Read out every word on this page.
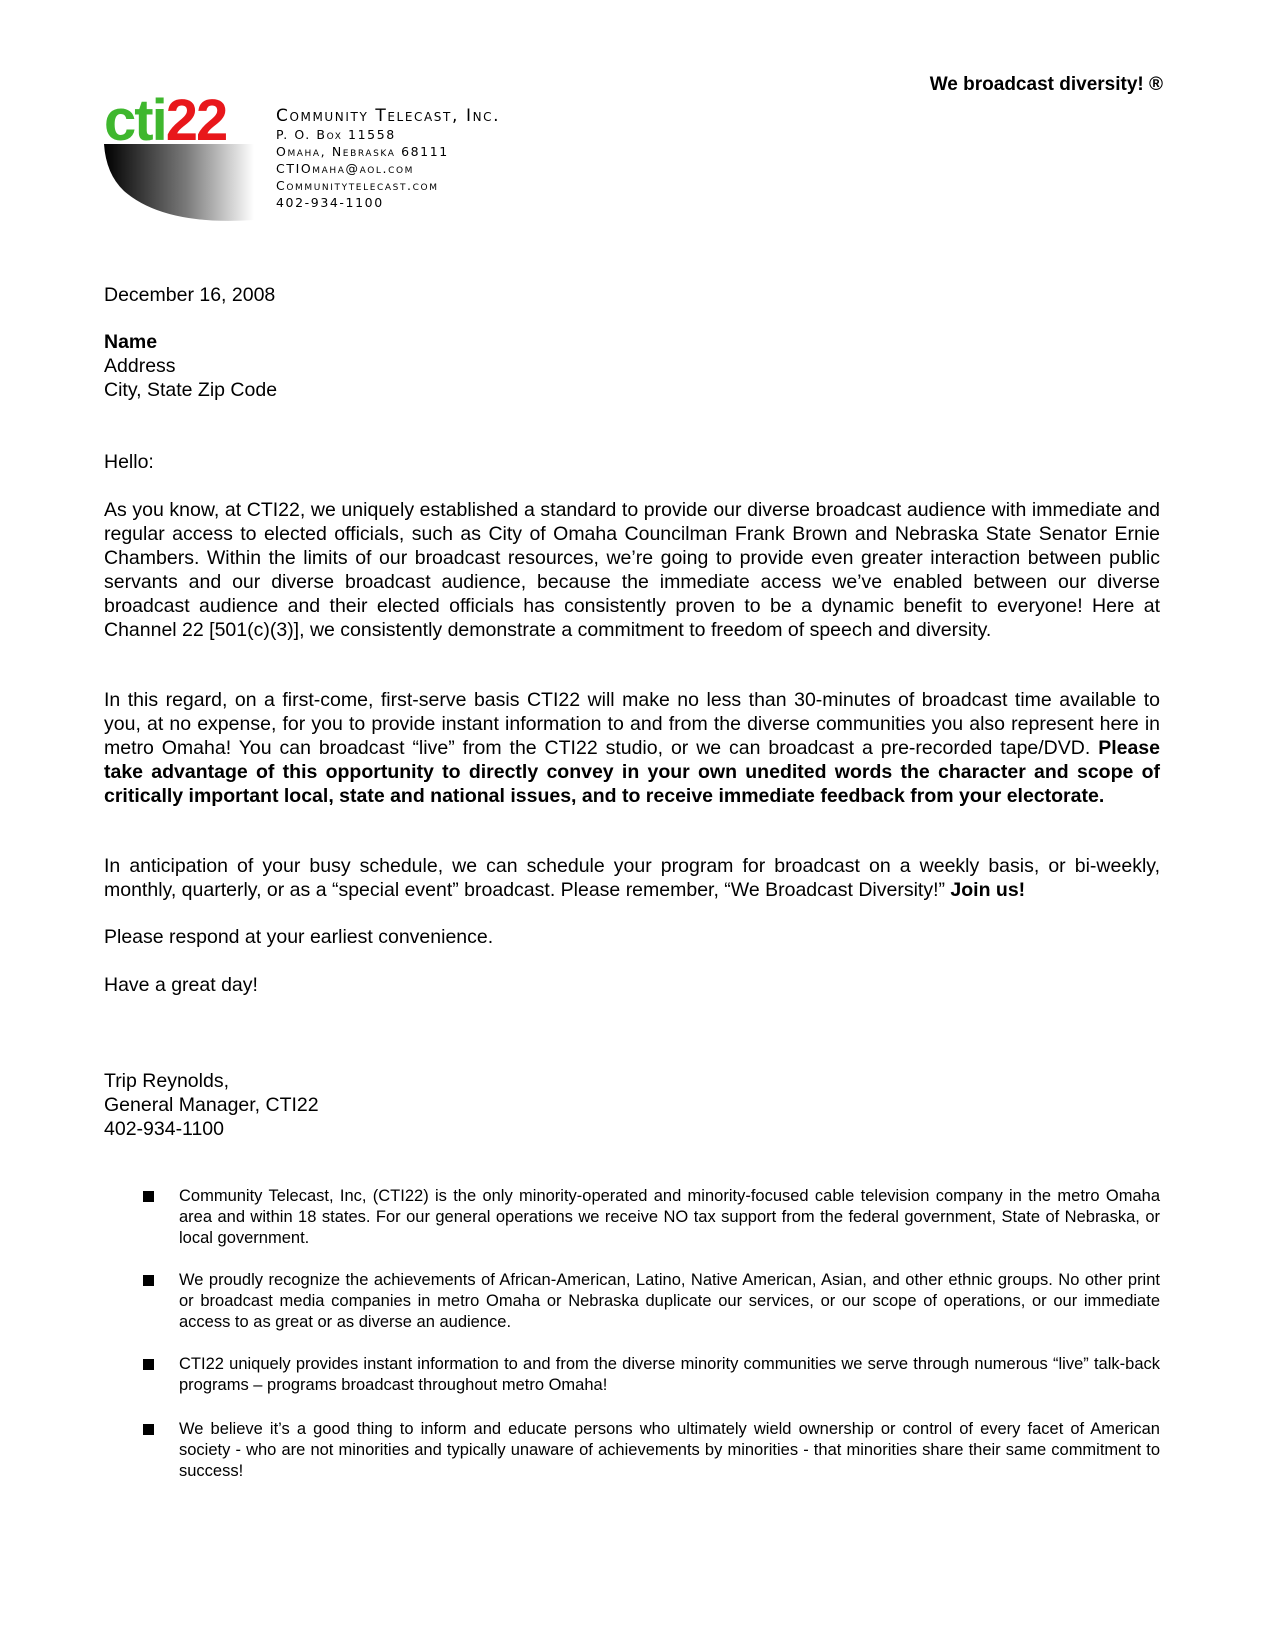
We broadcast diversity! ®
cti22	Community Telecast, Inc.
P. O. Box 11558
Omaha, Nebraska 68111
CTIOmaha@aol.com
Communitytelecast.com
402-934-1100
December 16, 2008
Name
Address
City, State Zip Code
Hello:
As you know, at CTI22, we uniquely established a standard to provide our diverse broadcast audience with immediate and regular access to elected officials, such as City of Omaha Councilman Frank Brown and Nebraska State Senator Ernie Chambers. Within the limits of our broadcast resources, we’re going to provide even greater interaction between public servants and our diverse broadcast audience, because the immediate access we’ve enabled between our diverse broadcast audience and their elected officials has consistently proven to be a dynamic benefit to everyone! Here at Channel 22 [501(c)(3)], we consistently demonstrate a commitment to freedom of speech and diversity.
In this regard, on a first-come, first-serve basis CTI22 will make no less than 30-minutes of broadcast time available to you, at no expense, for you to provide instant information to and from the diverse communities you also represent here in metro Omaha! You can broadcast “live” from the CTI22 studio, or we can broadcast a pre-recorded tape/DVD. Please take advantage of this opportunity to directly convey in your own unedited words the character and scope of critically important local, state and national issues, and to receive immediate feedback from your electorate.
In anticipation of your busy schedule, we can schedule your program for broadcast on a weekly basis, or bi-weekly, monthly, quarterly, or as a “special event” broadcast. Please remember, “We Broadcast Diversity!” Join us!
Please respond at your earliest convenience.
Have a great day!
Trip Reynolds,
General Manager, CTI22
402-934-1100
Community Telecast, Inc, (CTI22) is the only minority-operated and minority-focused cable television company in the metro Omaha area and within 18 states. For our general operations we receive NO tax support from the federal government, State of Nebraska, or local government.
We proudly recognize the achievements of African-American, Latino, Native American, Asian, and other ethnic groups. No other print or broadcast media companies in metro Omaha or Nebraska duplicate our services, or our scope of operations, or our immediate access to as great or as diverse an audience.
CTI22 uniquely provides instant information to and from the diverse minority communities we serve through numerous “live” talk-back programs – programs broadcast throughout metro Omaha!
We believe it’s a good thing to inform and educate persons who ultimately wield ownership or control of every facet of American society - who are not minorities and typically unaware of achievements by minorities - that minorities share their same commitment to success!
